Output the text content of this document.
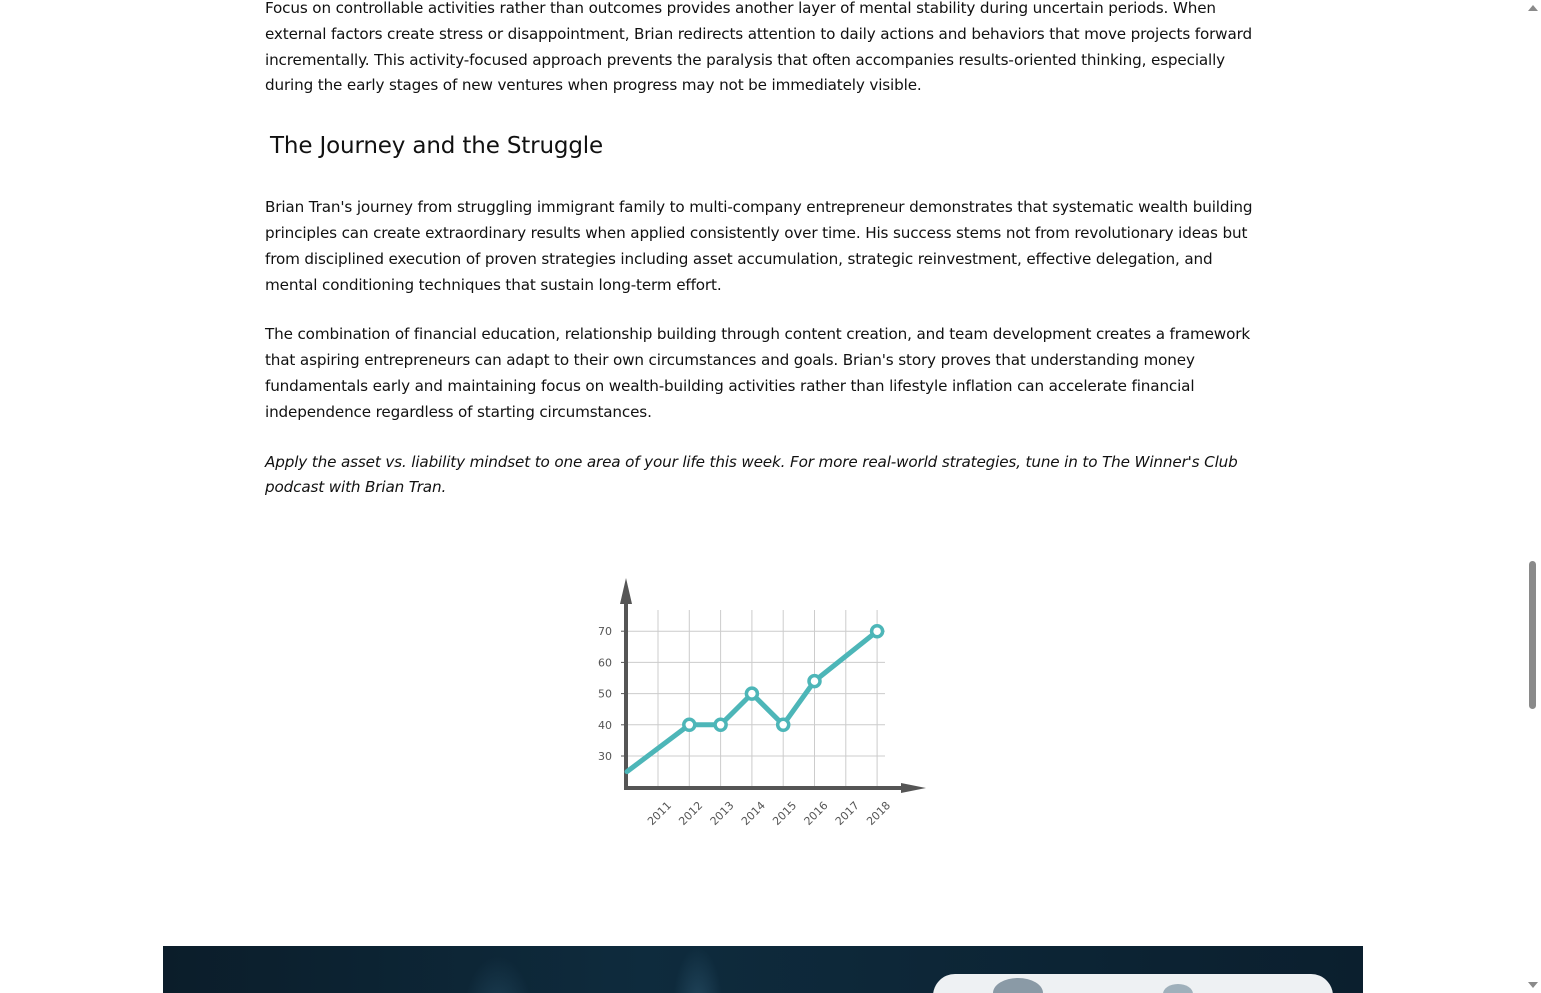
Focus on controllable activities rather than outcomes provides another layer of mental stability during uncertain periods. When external factors create stress or disappointment, Brian redirects attention to daily actions and behaviors that move projects forward incrementally. This activity-focused approach prevents the paralysis that often accompanies results-oriented thinking, especially during the early stages of new ventures when progress may not be immediately visible.

The Journey and the Struggle

Brian Tran's journey from struggling immigrant family to multi-company entrepreneur demonstrates that systematic wealth building principles can create extraordinary results when applied consistently over time. His success stems not from revolutionary ideas but from disciplined execution of proven strategies including asset accumulation, strategic reinvestment, effective delegation, and mental conditioning techniques that sustain long-term effort.

The combination of financial education, relationship building through content creation, and team development creates a framework that aspiring entrepreneurs can adapt to their own circumstances and goals. Brian's story proves that understanding money fundamentals early and maintaining focus on wealth-building activities rather than lifestyle inflation can accelerate financial independence regardless of starting circumstances.

Apply the asset vs. liability mindset to one area of your life this week. For more real-world strategies, tune in to The Winner's Club podcast with Brian Tran.

70
60
50
40
30
2011 2012 2013 2014 2015 2016 2017 2018
